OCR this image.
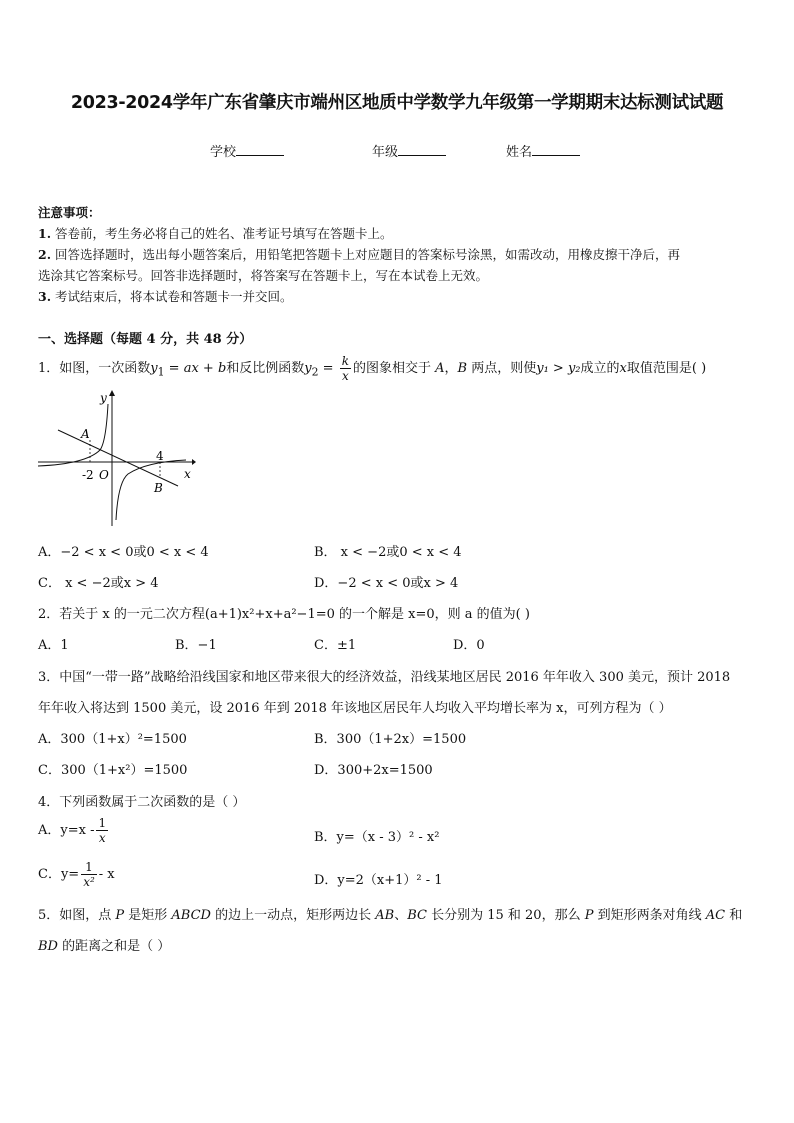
2023-2024学年广东省肇庆市端州区地质中学数学九年级第一学期期末达标测试试题
学校	年级	姓名
注意事项：
1. 答卷前，考生务必将自己的姓名、准考证号填写在答题卡上。
2. 回答选择题时，选出每小题答案后，用铅笔把答题卡上对应题目的答案标号涂黑，如需改动，用橡皮擦干净后，再
选涂其它答案标号。回答非选择题时，将答案写在答题卡上，写在本试卷上无效。
3. 考试结束后，将本试卷和答题卡一并交回。
一、选择题（每题 4 分，共 48 分）
1．如图，一次函数$y_1$ = ax + b和反比例函数$y_2 = \frac{k}{x}$ 的图象相交于 A，B 两点，则使y₁ > y₂成立的x取值范围是( )
y
x
A
B
-2 O
4
A．−2 < x < 0或0 < x < 4	B． x < −2或0 < x < 4
C． x < −2或x > 4	D．−2 < x < 0或x > 4
2．若关于 x 的一元二次方程(a+1)x²+x+a²−1=0 的一个解是 x=0，则 a 的值为( )
A．1	B．−1	C．±1	D．0
3．中国“一带一路”战略给沿线国家和地区带来很大的经济效益，沿线某地区居民 2016 年年收入 300 美元，预计 2018
年年收入将达到 1500 美元，设 2016 年到 2018 年该地区居民年人均收入平均增长率为 x，可列方程为（ ）
A．300（1+x）²=1500	B．300（1+2x）=1500
C．300（1+x²）=1500	D．300+2x=1500
4．下列函数属于二次函数的是（ ）
A．$y=x - \frac{1}{x}$	B．y=（x - 3）² - x²
C．$y= \frac{1}{\text{x²}} - x$	D．y=2（x+1）² - 1
5．如图，点 P 是矩形 ABCD 的边上一动点，矩形两边长 AB、BC 长分别为 15 和 20，那么 P 到矩形两条对角线 AC 和
BD 的距离之和是（ ）
